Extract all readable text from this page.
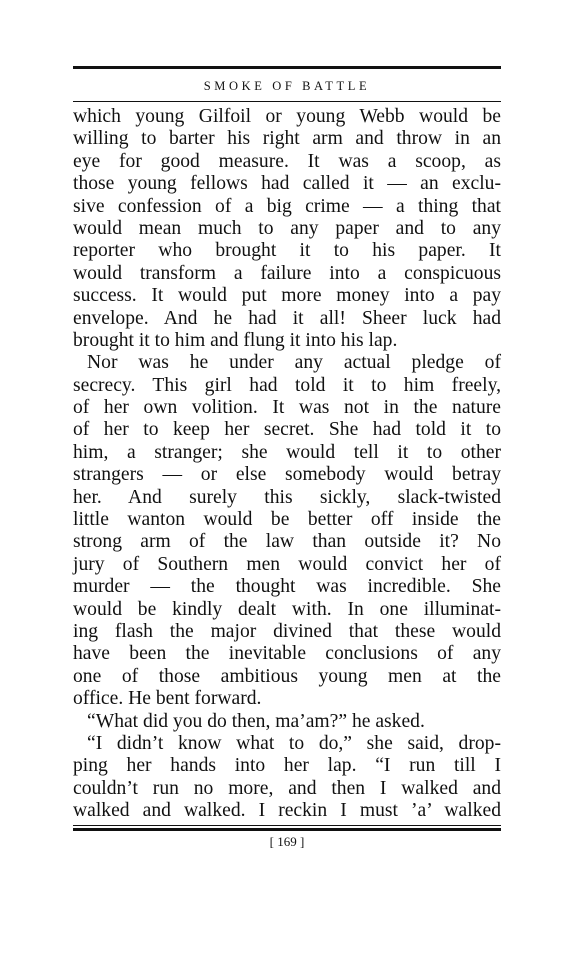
SMOKE OF BATTLE
which young Gilfoil or young Webb would be
willing to barter his right arm and throw in an
eye for good measure. It was a scoop, as
those young fellows had called it — an exclu-
sive confession of a big crime — a thing that
would mean much to any paper and to any
reporter who brought it to his paper. It
would transform a failure into a conspicuous
success. It would put more money into a pay
envelope. And he had it all! Sheer luck had
brought it to him and flung it into his lap.
Nor was he under any actual pledge of
secrecy. This girl had told it to him freely,
of her own volition. It was not in the nature
of her to keep her secret. She had told it to
him, a stranger; she would tell it to other
strangers — or else somebody would betray
her. And surely this sickly, slack-twisted
little wanton would be better off inside the
strong arm of the law than outside it? No
jury of Southern men would convict her of
murder — the thought was incredible. She
would be kindly dealt with. In one illuminat-
ing flash the major divined that these would
have been the inevitable conclusions of any
one of those ambitious young men at the
office. He bent forward.
“What did you do then, ma’am?” he asked.
“I didn’t know what to do,” she said, drop-
ping her hands into her lap. “I run till I
couldn’t run no more, and then I walked and
walked and walked. I reckin I must ’a’ walked
[ 169 ]
